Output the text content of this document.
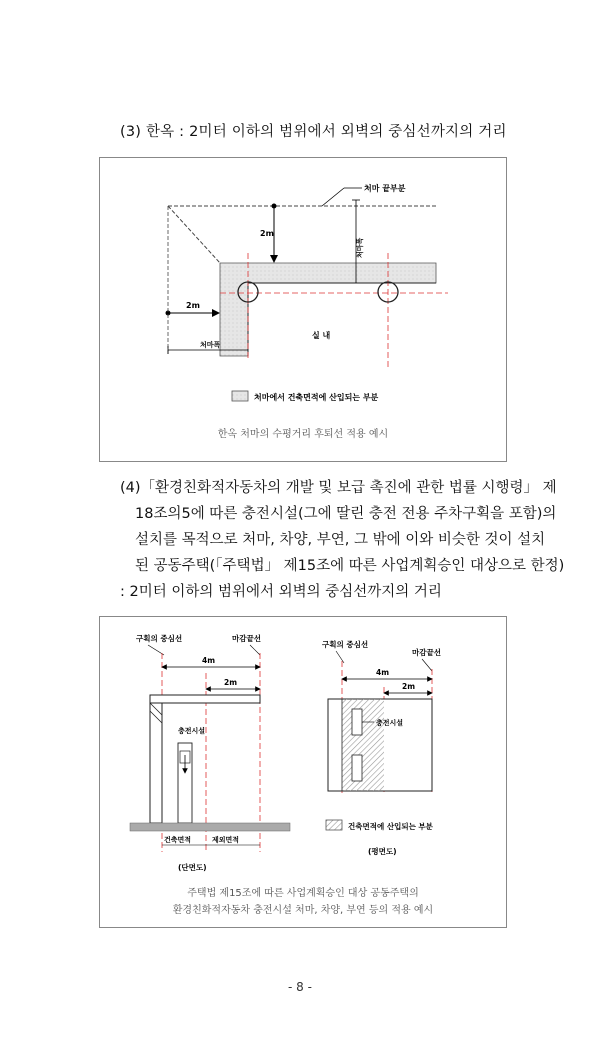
(3) 한옥 : 2미터 이하의 범위에서 외벽의 중심선까지의 거리
2m
처마폭
처마 끝부분
2m
처마폭
실 내
처마에서 건축면적에 산입되는 부분
한옥 처마의 수평거리 후퇴선 적용 예시
(4)「환경친화적자동차의 개발 및 보급 촉진에 관한 법률 시행령」 제
18조의5에 따른 충전시설(그에 딸린 충전 전용 주차구획을 포함)의
설치를 목적으로 처마, 차양, 부연, 그 밖에 이와 비슷한 것이 설치
된 공동주택(「주택법」 제15조에 따른 사업계획승인 대상으로 한정)
: 2미터 이하의 범위에서 외벽의 중심선까지의 거리
구획의 중심선	마감끝선
4m
2m
충전시설
건축면적	제외면적
(단면도)
구획의 중심선
마감끝선
4m
2m
충전시설
건축면적에 산입되는 부분
(평면도)
주택법 제15조에 따른 사업계획승인 대상 공동주택의
환경친화적자동차 충전시설 처마, 차양, 부연 등의 적용 예시
- 8 -
